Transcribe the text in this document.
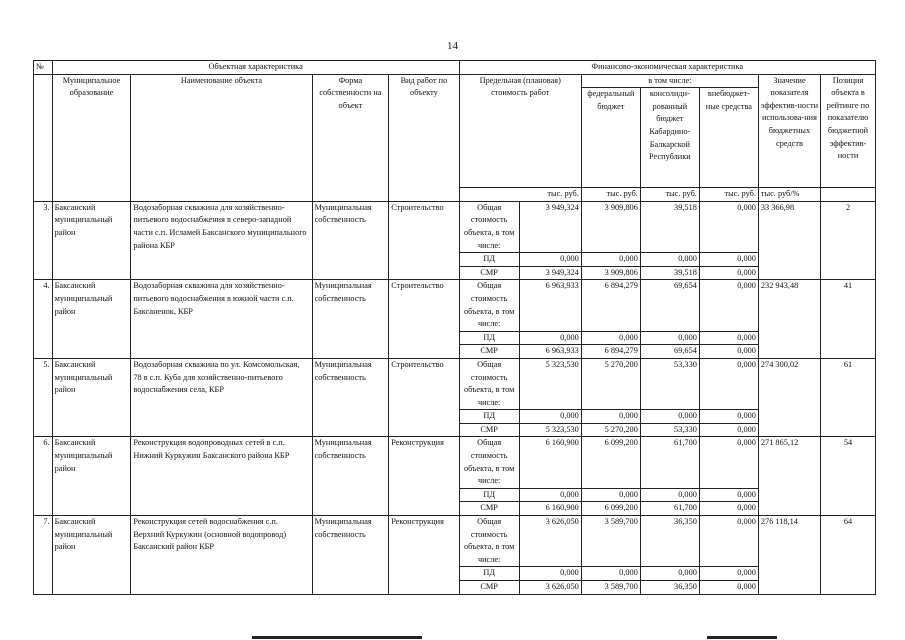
14
№	Объектная характеристика				Финансово-экономическая характеристика						
	Муниципальное образование	Наименование объекта	Форма собственности на объект	Вид работ по объекту	Предельная (плановая) стоимость работ		в том числе:			Значение показателя эффектив-ности использова-ния бюджетных средств	Позиция объекта в рейтинге по показателю бюджетной эффектив-ности
							федеральный бюджет	консолиди-рованный бюджет Кабардино-Балкарской Республики	внебюджет-ные средства		
					тыс. руб.		тыс. руб.	тыс. руб.	тыс. руб.	тыс. руб/%	
3.	Баксанский муниципальный район	Водозаборная скважина для хозяйственно-питьевого водоснабжения в северо-западной части с.п. Исламей Баксанского муниципального района КБР	Муниципальная собственность	Строительство	Общая стоимость объекта, в том числе:	3 949,324	3 909,806	39,518	0,000	33 366,98	2
					ПД	0,000	0,000	0,000	0,000		
					СМР	3 949,324	3 909,806	39,518	0,000		
4.	Баксанский муниципальный район	Водозаборная скважина для хозяйственно-питьевого водоснабжения в южной части с.п. Баксаненок, КБР	Муниципальная собственность	Строительство	Общая стоимость объекта, в том числе:	6 963,933	6 894,279	69,654	0,000	232 943,48	41
					ПД	0,000	0,000	0,000	0,000		
					СМР	6 963,933	6 894,279	69,654	0,000		
5.	Баксанский муниципальный район	Водозаборная скважина по ул. Комсомольская, 78 в с.п. Куба для хозяйственно-питьевого водоснабжения села, КБР	Муниципальная собственность	Строительство	Общая стоимость объекта, в том числе:	5 323,530	5 270,200	53,330	0,000	274 300,02	61
					ПД	0,000	0,000	0,000	0,000		
					СМР	5 323,530	5 270,200	53,330	0,000		
6.	Баксанский муниципальный район	Реконструкция водопроводных сетей в с.п. Нижний Куркужин Баксанского района КБР	Муниципальная собственность	Реконструкция	Общая стоимость объекта, в том числе:	6 160,900	6 099,200	61,700	0,000	271 865,12	54
					ПД	0,000	0,000	0,000	0,000		
					СМР	6 160,900	6 099,200	61,700	0,000		
7.	Баксанский муниципальный район	Реконструкция сетей водоснабжения с.п. Верхний Куркужин (основной водопровод) Баксанский район КБР	Муниципальная собственность	Реконструкция	Общая стоимость объекта, в том числе:	3 626,050	3 589,700	36,350	0,000	276 118,14	64
					ПД	0,000	0,000	0,000	0,000		
					СМР	3 626,050	3 589,700	36,350	0,000		
